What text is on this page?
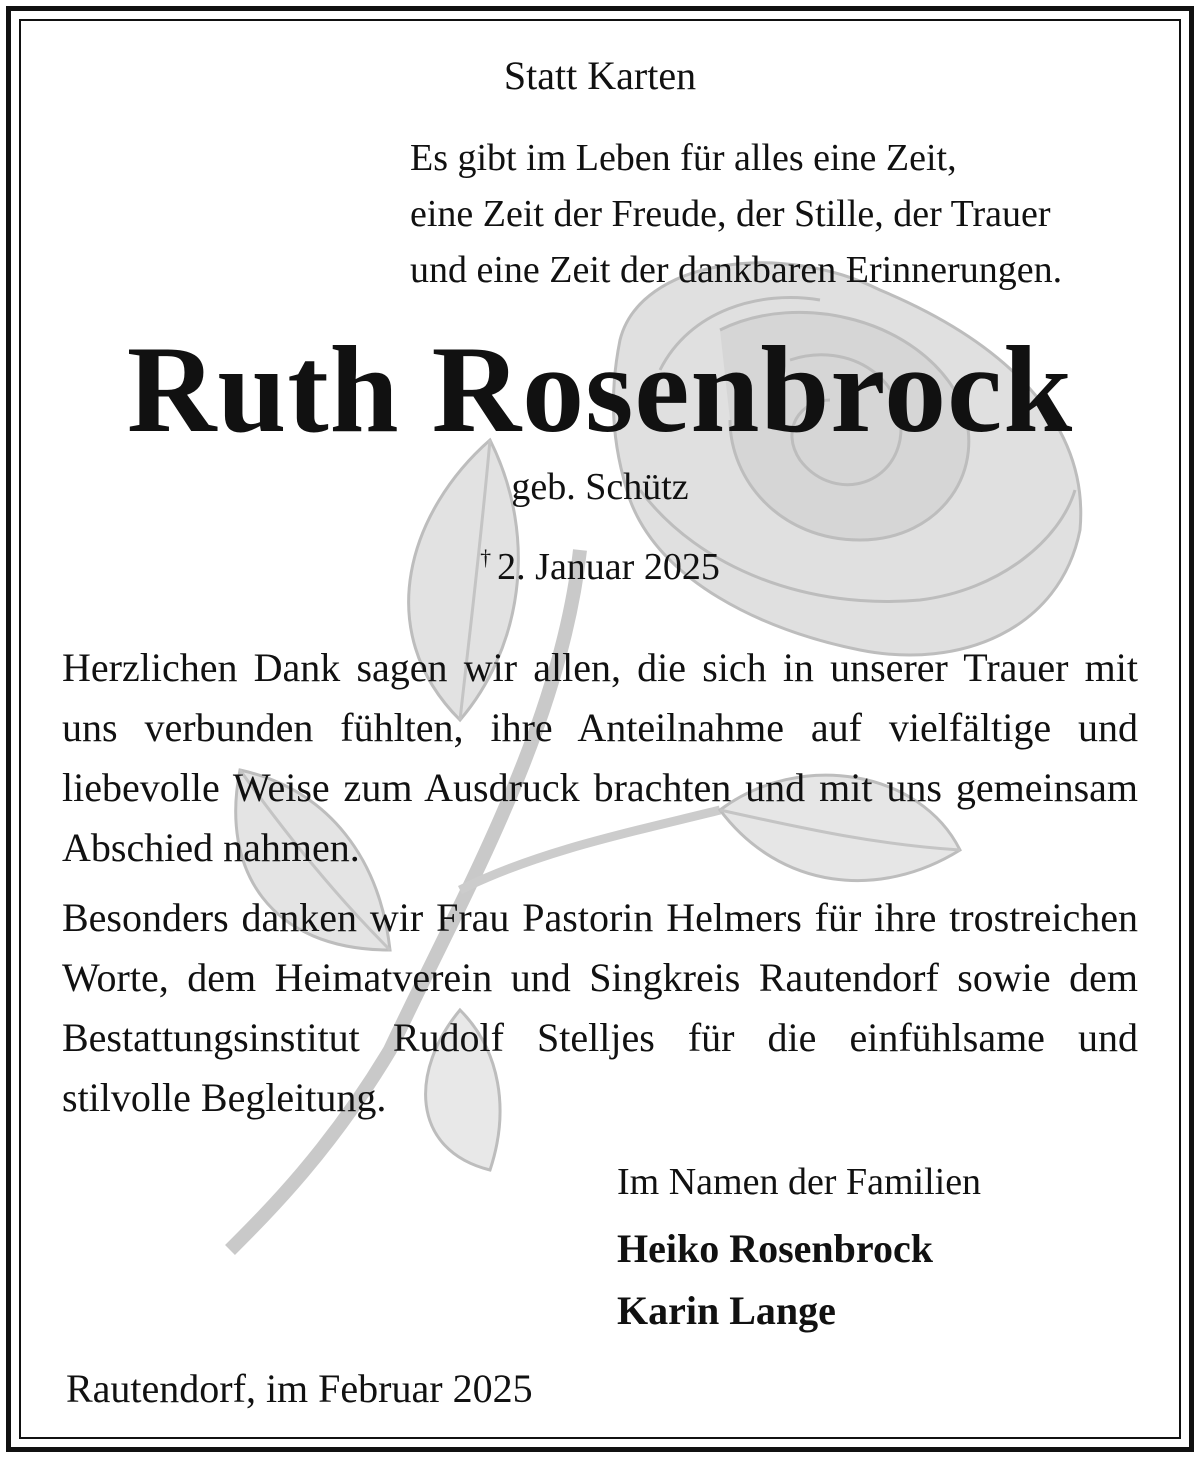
Statt Karten
Es gibt im Leben für alles eine Zeit,
eine Zeit der Freude, der Stille, der Trauer
und eine Zeit der dankbaren Erinnerungen.
Ruth Rosenbrock
geb. Schütz
† 2. Januar 2025
Herzlichen Dank sagen wir allen, die sich in unserer Trauer mit uns verbunden fühlten, ihre Anteilnahme auf vielfältige und liebevolle Weise zum Ausdruck brachten und mit uns gemeinsam Abschied nahmen.
Besonders danken wir Frau Pastorin Helmers für ihre trostreichen Worte, dem Heimatverein und Singkreis Rautendorf sowie dem Bestattungsinstitut Rudolf Stelljes für die einfühlsame und stilvolle Begleitung.
Im Namen der Familien
Heiko Rosenbrock
Karin Lange
Rautendorf, im Februar 2025
